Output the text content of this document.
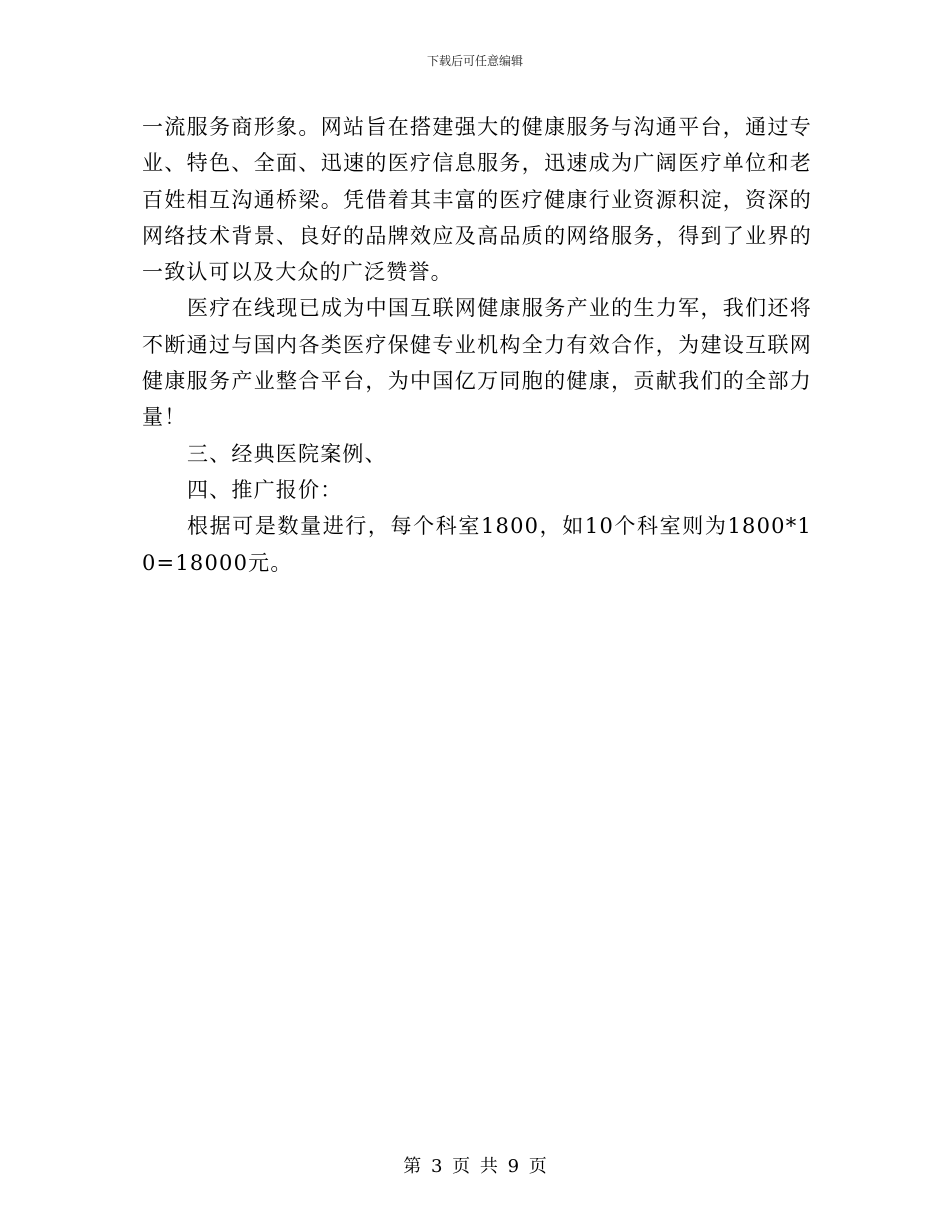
下载后可任意编辑

一流服务商形象。网站旨在搭建强大的健康服务与沟通平台，通过专业、特色、全面、迅速的医疗信息服务，迅速成为广阔医疗单位和老百姓相互沟通桥梁。凭借着其丰富的医疗健康行业资源积淀，资深的网络技术背景、良好的品牌效应及高品质的网络服务，得到了业界的一致认可以及大众的广泛赞誉。

医疗在线现已成为中国互联网健康服务产业的生力军，我们还将不断通过与国内各类医疗保健专业机构全力有效合作，为建设互联网健康服务产业整合平台，为中国亿万同胞的健康，贡献我们的全部力量！

三、经典医院案例、

四、推广报价：

根据可是数量进行，每个科室1800，如10个科室则为1800*10=18000元。

第 3 页 共 9 页
